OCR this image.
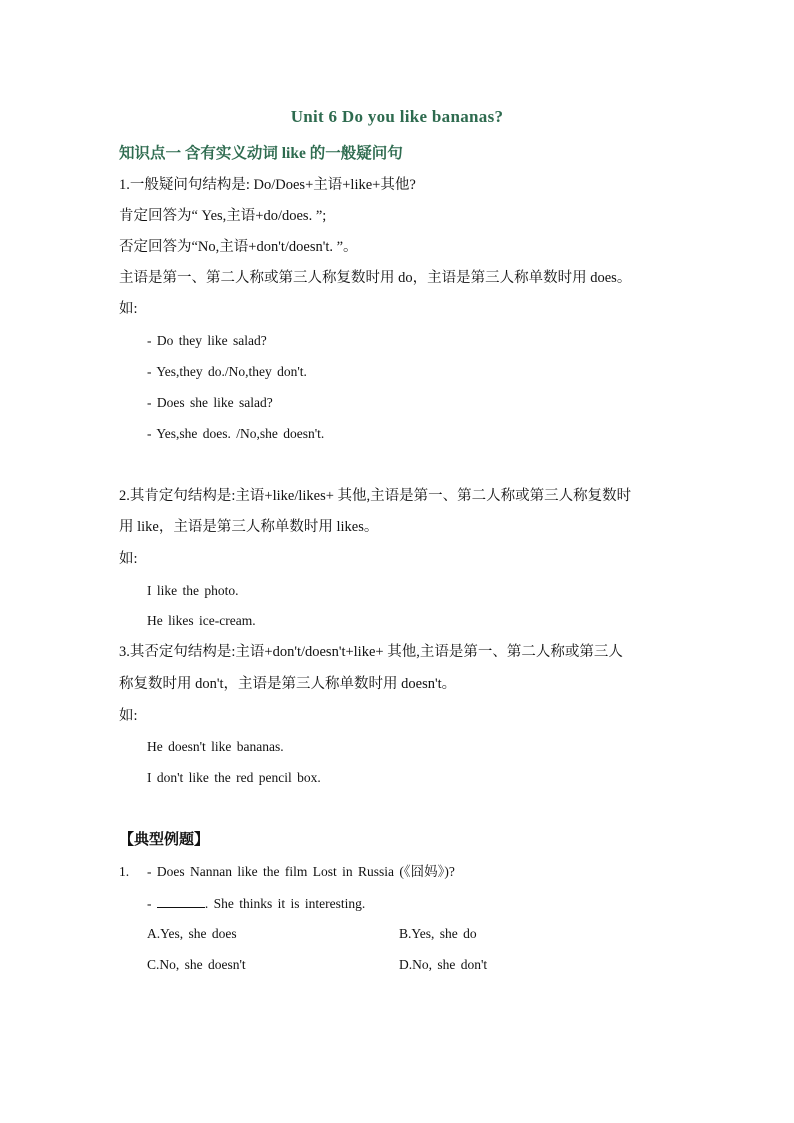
Unit 6 Do you like bananas?
知识点一 含有实义动词 like 的一般疑问句
1.一般疑问句结构是: Do/Does+主语+like+其他?
肯定回答为“ Yes,主语+do/does. ”;
否定回答为“No,主语+don't/doesn't. ”。
主语是第一、第二人称或第三人称复数时用 do，主语是第三人称单数时用 does。
如:
- Do they like salad?
- Yes,they do./No,they don't.
- Does she like salad?
- Yes,she does. /No,she doesn't.
2.其肯定句结构是:主语+like/likes+ 其他,主语是第一、第二人称或第三人称复数时
用 like，主语是第三人称单数时用 likes。
如:
I like the photo.
He likes ice-cream.
3.其否定句结构是:主语+don't/doesn't+like+ 其他,主语是第一、第二人称或第三人
称复数时用 don't，主语是第三人称单数时用 doesn't。
如:
He doesn't like bananas.
I don't like the red pencil box.
【典型例题】
1. - Does Nannan like the film Lost in Russia (《囧妈》)?
-	. She thinks it is interesting.
A.Yes, she does	B.Yes, she do
C.No, she doesn't	D.No, she don't
